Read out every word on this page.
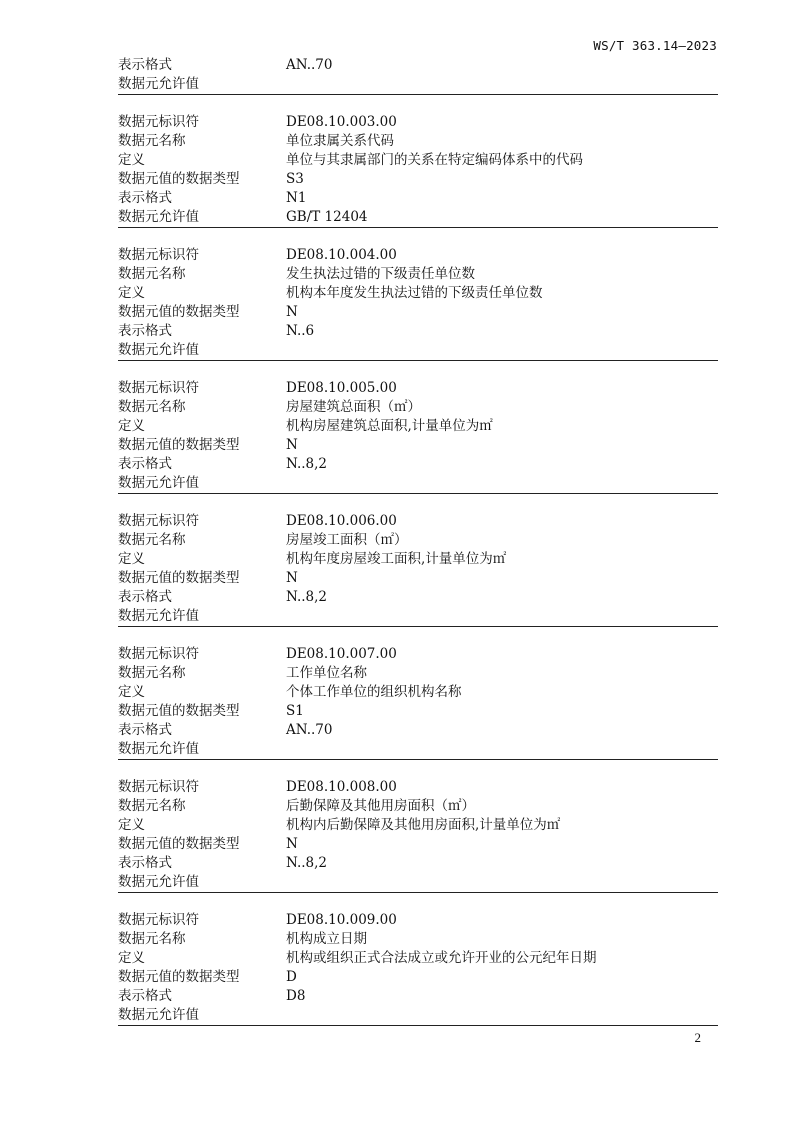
WS/T 363.14—2023
表示格式	AN..70
数据元允许值
数据元标识符	DE08.10.003.00
数据元名称	单位隶属关系代码
定义	单位与其隶属部门的关系在特定编码体系中的代码
数据元值的数据类型	S3
表示格式	N1
数据元允许值	GB/T 12404
数据元标识符	DE08.10.004.00
数据元名称	发生执法过错的下级责任单位数
定义	机构本年度发生执法过错的下级责任单位数
数据元值的数据类型	N
表示格式	N..6
数据元允许值
数据元标识符	DE08.10.005.00
数据元名称	房屋建筑总面积（㎡）
定义	机构房屋建筑总面积,计量单位为㎡
数据元值的数据类型	N
表示格式	N..8,2
数据元允许值
数据元标识符	DE08.10.006.00
数据元名称	房屋竣工面积（㎡）
定义	机构年度房屋竣工面积,计量单位为㎡
数据元值的数据类型	N
表示格式	N..8,2
数据元允许值
数据元标识符	DE08.10.007.00
数据元名称	工作单位名称
定义	个体工作单位的组织机构名称
数据元值的数据类型	S1
表示格式	AN..70
数据元允许值
数据元标识符	DE08.10.008.00
数据元名称	后勤保障及其他用房面积（㎡）
定义	机构内后勤保障及其他用房面积,计量单位为㎡
数据元值的数据类型	N
表示格式	N..8,2
数据元允许值
数据元标识符	DE08.10.009.00
数据元名称	机构成立日期
定义	机构或组织正式合法成立或允许开业的公元纪年日期
数据元值的数据类型	D
表示格式	D8
数据元允许值
2
